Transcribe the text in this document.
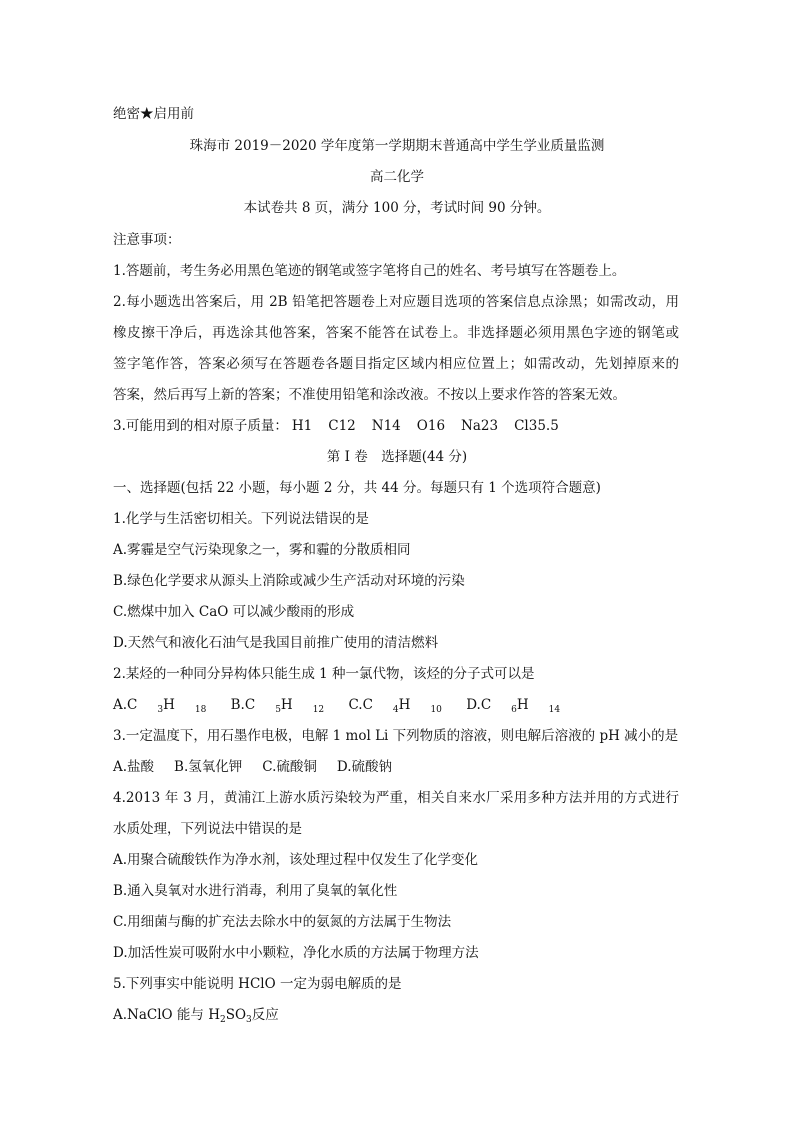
绝密★启用前
珠海市 2019－2020 学年度第一学期期末普通高中学生学业质量监测
高二化学
本试卷共 8 页，满分 100 分，考试时间 90 分钟。
注意事项：
1.答题前，考生务必用黑色笔迹的钢笔或签字笔将自己的姓名、考号填写在答题卷上。
2.每小题选出答案后，用 2B 铅笔把答题卷上对应题目选项的答案信息点涂黑；如需改动，用
橡皮擦干净后，再选涂其他答案，答案不能答在试卷上。非选择题必须用黑色字迹的钢笔或
签字笔作答，答案必须写在答题卷各题目指定区域内相应位置上；如需改动，先划掉原来的
答案，然后再写上新的答案；不准使用铅笔和涂改液。不按以上要求作答的答案无效。
3.可能用到的相对原子质量： H1 C12 N14 O16 Na23 Cl35.5
第 I 卷　选择题(44 分)
一、选择题(包括 22 小题，每小题 2 分，共 44 分。每题只有 1 个选项符合题意)
1.化学与生活密切相关。下列说法错误的是
A.雾霾是空气污染现象之一，雾和霾的分散质相同
B.绿色化学要求从源头上消除或减少生产活动对环境的污染
C.燃煤中加入 CaO 可以减少酸雨的形成
D.天然气和液化石油气是我国目前推广使用的清洁燃料
2.某烃的一种同分异构体只能生成 1 种一氯代物，该烃的分子式可以是
A.C $_3$H $_{18}$ B.C $_5$H $_{12}$ C.C $_4$H $_{10}$ D.C $_6$H $_{14}$
3.一定温度下，用石墨作电极，电解 1 mol Li 下列物质的溶液，则电解后溶液的 pH 减小的是
A.盐酸 B.氢氧化钾 C.硫酸铜 D.硫酸钠
4.2013 年 3 月，黄浦江上游水质污染较为严重，相关自来水厂采用多种方法并用的方式进行
水质处理，下列说法中错误的是
A.用聚合硫酸铁作为净水剂，该处理过程中仅发生了化学变化
B.通入臭氧对水进行消毒，利用了臭氧的氧化性
C.用细菌与酶的扩充法去除水中的氨氮的方法属于生物法
D.加活性炭可吸附水中小颗粒，净化水质的方法属于物理方法
5.下列事实中能说明 HClO 一定为弱电解质的是
A.NaClO 能与 $H_2SO_3$反应
